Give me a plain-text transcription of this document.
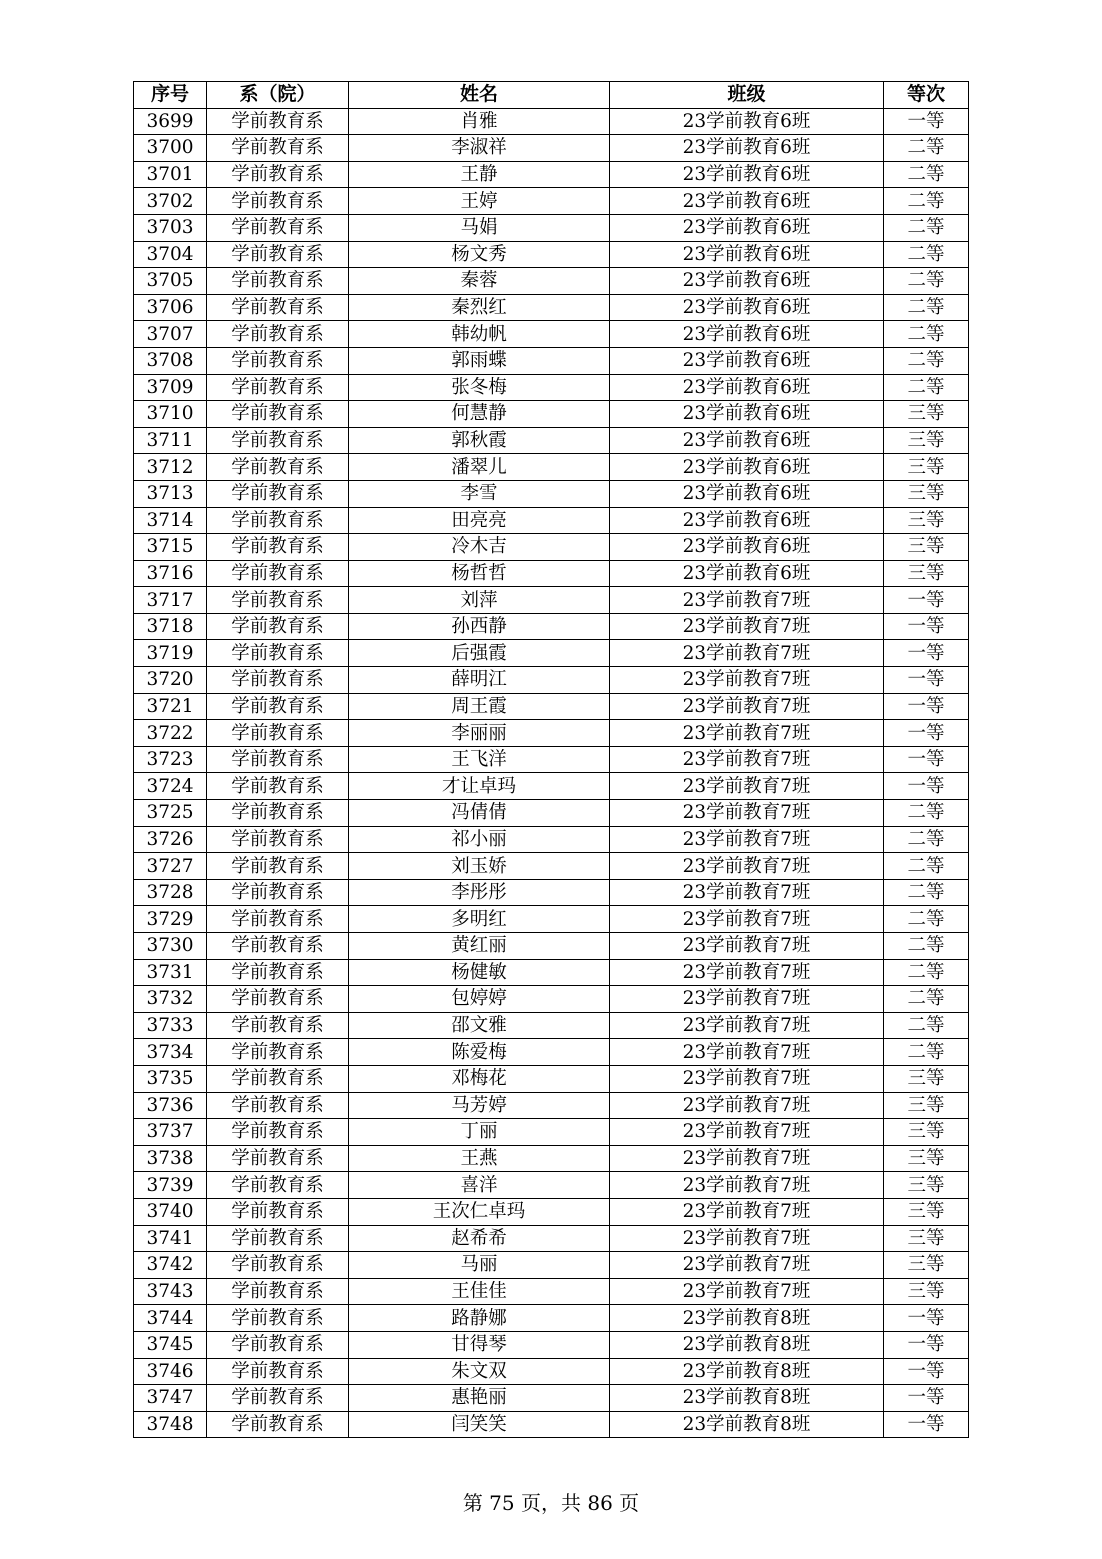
序号	系（院）	姓名	班级	等次
3699	学前教育系	肖雅	23学前教育6班	一等
3700	学前教育系	李淑祥	23学前教育6班	二等
3701	学前教育系	王静	23学前教育6班	二等
3702	学前教育系	王婷	23学前教育6班	二等
3703	学前教育系	马娟	23学前教育6班	二等
3704	学前教育系	杨文秀	23学前教育6班	二等
3705	学前教育系	秦蓉	23学前教育6班	二等
3706	学前教育系	秦烈红	23学前教育6班	二等
3707	学前教育系	韩幼帆	23学前教育6班	二等
3708	学前教育系	郭雨蝶	23学前教育6班	二等
3709	学前教育系	张冬梅	23学前教育6班	二等
3710	学前教育系	何慧静	23学前教育6班	三等
3711	学前教育系	郭秋霞	23学前教育6班	三等
3712	学前教育系	潘翠儿	23学前教育6班	三等
3713	学前教育系	李雪	23学前教育6班	三等
3714	学前教育系	田亮亮	23学前教育6班	三等
3715	学前教育系	冷木吉	23学前教育6班	三等
3716	学前教育系	杨哲哲	23学前教育6班	三等
3717	学前教育系	刘萍	23学前教育7班	一等
3718	学前教育系	孙西静	23学前教育7班	一等
3719	学前教育系	后强霞	23学前教育7班	一等
3720	学前教育系	薛明江	23学前教育7班	一等
3721	学前教育系	周王霞	23学前教育7班	一等
3722	学前教育系	李丽丽	23学前教育7班	一等
3723	学前教育系	王飞洋	23学前教育7班	一等
3724	学前教育系	才让卓玛	23学前教育7班	一等
3725	学前教育系	冯倩倩	23学前教育7班	二等
3726	学前教育系	祁小丽	23学前教育7班	二等
3727	学前教育系	刘玉娇	23学前教育7班	二等
3728	学前教育系	李彤彤	23学前教育7班	二等
3729	学前教育系	多明红	23学前教育7班	二等
3730	学前教育系	黄红丽	23学前教育7班	二等
3731	学前教育系	杨健敏	23学前教育7班	二等
3732	学前教育系	包婷婷	23学前教育7班	二等
3733	学前教育系	邵文雅	23学前教育7班	二等
3734	学前教育系	陈爱梅	23学前教育7班	二等
3735	学前教育系	邓梅花	23学前教育7班	三等
3736	学前教育系	马芳婷	23学前教育7班	三等
3737	学前教育系	丁丽	23学前教育7班	三等
3738	学前教育系	王燕	23学前教育7班	三等
3739	学前教育系	喜洋	23学前教育7班	三等
3740	学前教育系	王次仁卓玛	23学前教育7班	三等
3741	学前教育系	赵希希	23学前教育7班	三等
3742	学前教育系	马丽	23学前教育7班	三等
3743	学前教育系	王佳佳	23学前教育7班	三等
3744	学前教育系	路静娜	23学前教育8班	一等
3745	学前教育系	甘得琴	23学前教育8班	一等
3746	学前教育系	朱文双	23学前教育8班	一等
3747	学前教育系	惠艳丽	23学前教育8班	一等
3748	学前教育系	闫笑笑	23学前教育8班	一等
第 75 页，共 86 页
